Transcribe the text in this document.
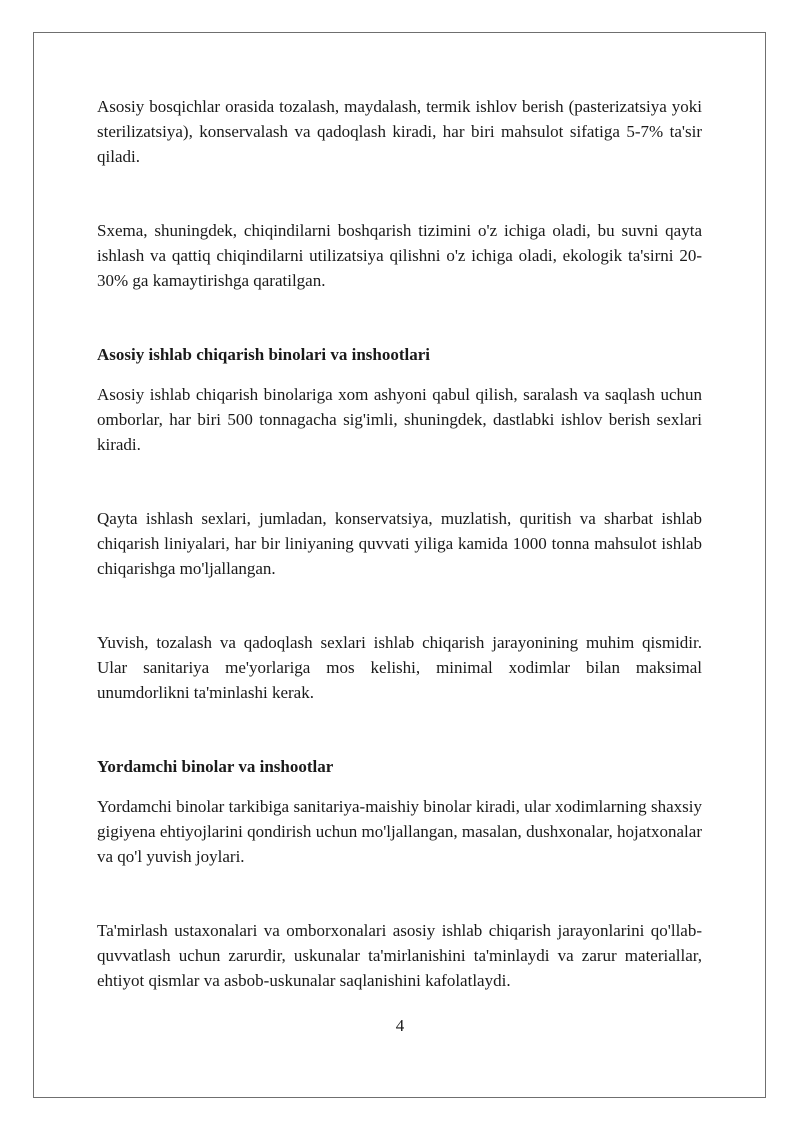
Asosiy bosqichlar orasida tozalash, maydalash, termik ishlov berish (pasterizatsiya yoki sterilizatsiya), konservalash va qadoqlash kiradi, har biri mahsulot sifatiga 5-7% ta'sir qiladi.

Sxema, shuningdek, chiqindilarni boshqarish tizimini o'z ichiga oladi, bu suvni qayta ishlash va qattiq chiqindilarni utilizatsiya qilishni o'z ichiga oladi, ekologik ta'sirni 20-30% ga kamaytirishga qaratilgan.

Asosiy ishlab chiqarish binolari va inshootlari

Asosiy ishlab chiqarish binolariga xom ashyoni qabul qilish, saralash va saqlash uchun omborlar, har biri 500 tonnagacha sig'imli, shuningdek, dastlabki ishlov berish sexlari kiradi.

Qayta ishlash sexlari, jumladan, konservatsiya, muzlatish, quritish va sharbat ishlab chiqarish liniyalari, har bir liniyaning quvvati yiliga kamida 1000 tonna mahsulot ishlab chiqarishga mo'ljallangan.

Yuvish, tozalash va qadoqlash sexlari ishlab chiqarish jarayonining muhim qismidir. Ular sanitariya me'yorlariga mos kelishi, minimal xodimlar bilan maksimal unumdorlikni ta'minlashi kerak.

Yordamchi binolar va inshootlar

Yordamchi binolar tarkibiga sanitariya-maishiy binolar kiradi, ular xodimlarning shaxsiy gigiyena ehtiyojlarini qondirish uchun mo'ljallangan, masalan, dushxonalar, hojatxonalar va qo'l yuvish joylari.

Ta'mirlash ustaxonalari va omborxonalari asosiy ishlab chiqarish jarayonlarini qo'llab-quvvatlash uchun zarurdir, uskunalar ta'mirlanishini ta'minlaydi va zarur materiallar, ehtiyot qismlar va asbob-uskunalar saqlanishini kafolatlaydi.

4
